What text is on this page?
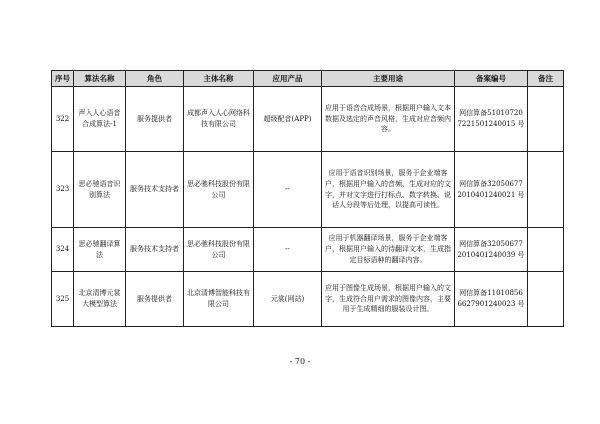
序号	算法名称	角色	主体名称	应用产品	主要用途	备案编号	备注
322	声入人心语音合成算法-1	服务提供者	成都声入人心网络科技有限公司	超级配音(APP)	应用于语音合成场景，根据用户输入文本数据及选定的声音风格，生成对应音频内容。	网信算备510107207221501240015 号	
323	思必驰语音识别算法	服务技术支持者	思必驰科技股份有限公司	--	应用于语音识别场景，服务于企业端客户，根据用户输入的音频，生成对应的文字，并对文字进行打标点、数字转换、说话人分段等后处理，以提高可读性。	网信算备320506772010401240021 号	
324	思必驰翻译算法	服务技术支持者	思必驰科技股份有限公司	--	应用于机器翻译场景，服务于企业端客户，根据用户输入的待翻译文本，生成指定目标语种的翻译内容。	网信算备320506772010401240039 号	
325	北京清博元裳大模型算法	服务提供者	北京清博智能科技有限公司	元裳(网站)	应用于图像生成场景，根据用户输入的文字，生成符合用户需求的图像内容，主要用于生成精细的服装设计图。	网信算备110108566627901240023 号	
- 70 -
